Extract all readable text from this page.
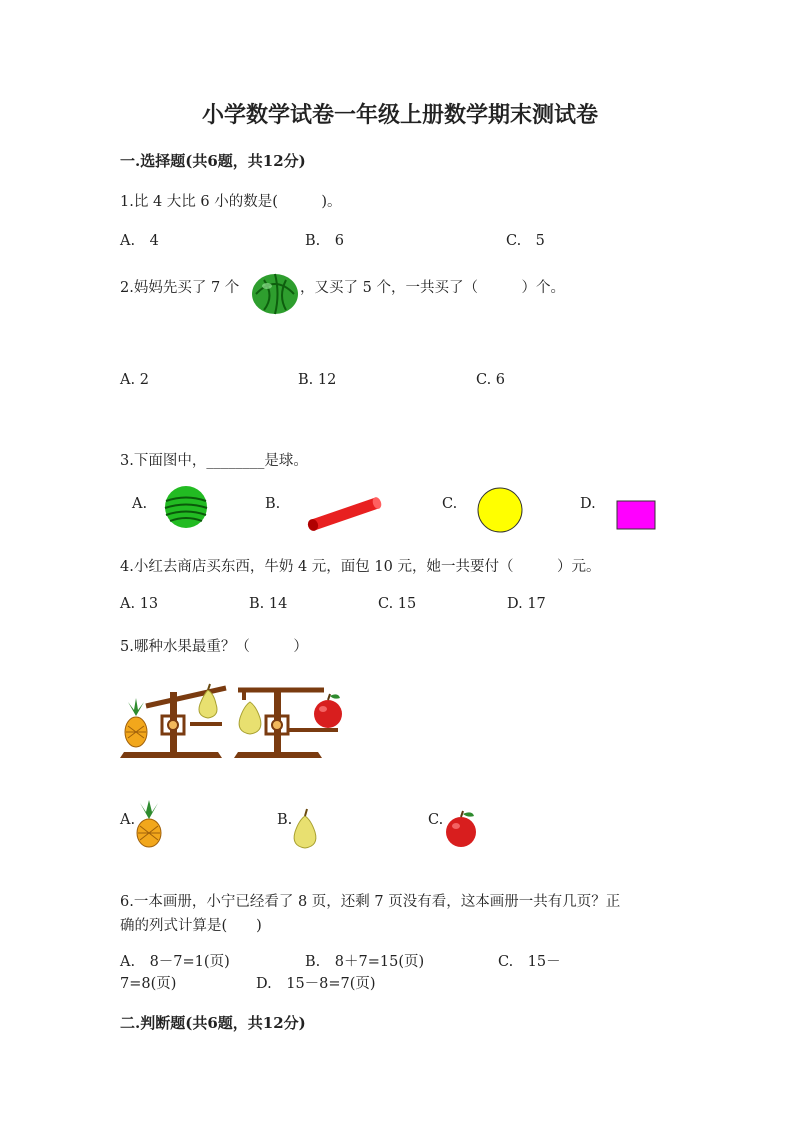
小学数学试卷一年级上册数学期末测试卷
一.选择题(共6题，共12分)
1.比 4 大比 6 小的数是(　　　)。
A.　4	B.　6	C.　5
2.妈妈先买了 7 个	，又买了 5 个，一共买了（　　　）个。
A. 2	B. 12	C. 6
3.下面图中，________是球。
A.	B.	C.	D.
4.小红去商店买东西，牛奶 4 元，面包 10 元，她一共要付（　　　）元。
A. 13	B. 14	C. 15	D. 17
5.哪种水果最重？（　　　）
A.	B.	C.
6.一本画册，小宁已经看了 8 页，还剩 7 页没有看，这本画册一共有几页？正
确的列式计算是(　　)
A.　8－7=1(页)	B.　8＋7=15(页)	C.　15－
7=8(页)	D.　15－8=7(页)
二.判断题(共6题，共12分)
